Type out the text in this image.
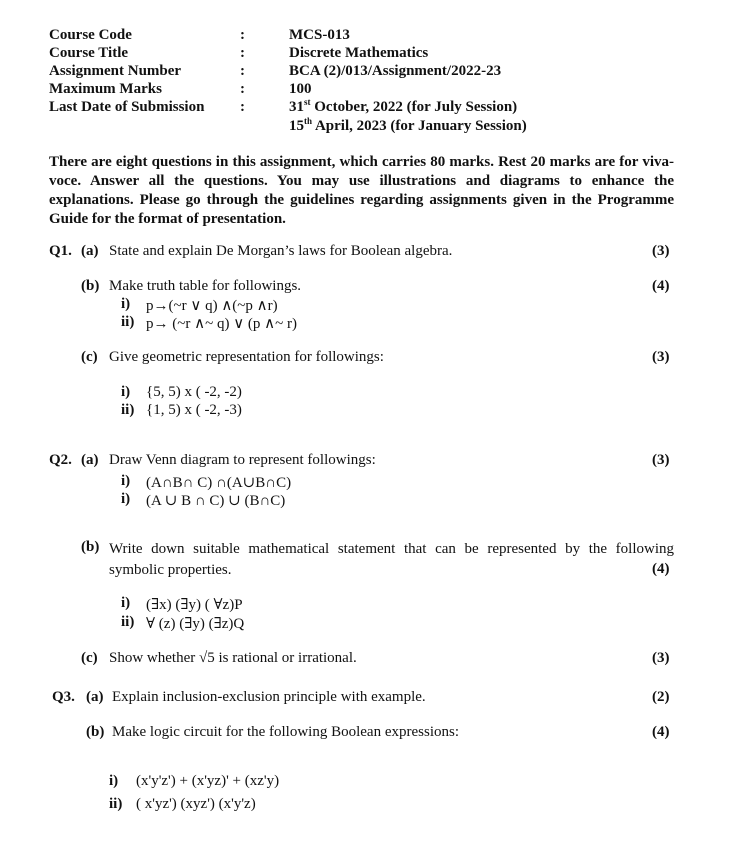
Course Code	:	MCS-013
Course Title	:	Discrete Mathematics
Assignment Number	:	BCA (2)/013/Assignment/2022-23
Maximum Marks	:	100
Last Date of Submission :	31st October, 2022 (for July Session)
15th April, 2023 (for January Session)
There are eight questions in this assignment, which carries 80 marks. Rest 20 marks are for viva-voce. Answer all the questions. You may use illustrations and diagrams to enhance the explanations. Please go through the guidelines regarding assignments given in the Programme Guide for the format of presentation.
Q1. (a) State and explain De Morgan’s laws for Boolean algebra.	(3)
(b) Make truth table for followings.	(4)
i) p→(~r ∨ q) ∧(~p ∧r)
ii) p→ (~r ∧~ q) ∨ (p ∧~ r)
(c) Give geometric representation for followings:	(3)
i) {5, 5) x ( -2, -2)
ii) {1, 5) x ( -2, -3)
Q2. (a) Draw Venn diagram to represent followings:	(3)
i) (A∩B∩ C) ∩(A∪B∩C)
i) (A ∪ B ∩ C) ∪ (B∩C)
(b) Write down suitable mathematical statement that can be represented by the following symbolic properties.	(4)
i) (∃x) (∃y) ( ∀z)P
ii) ∀ (z) (∃y) (∃z)Q
(c) Show whether √5 is rational or irrational.	(3)
Q3. (a) Explain inclusion-exclusion principle with example.	(2)
(b) Make logic circuit for the following Boolean expressions:	(4)
i) (x'y'z') + (x'yz)' + (xz'y)
ii) ( x'yz') (xyz') (x'y'z)
